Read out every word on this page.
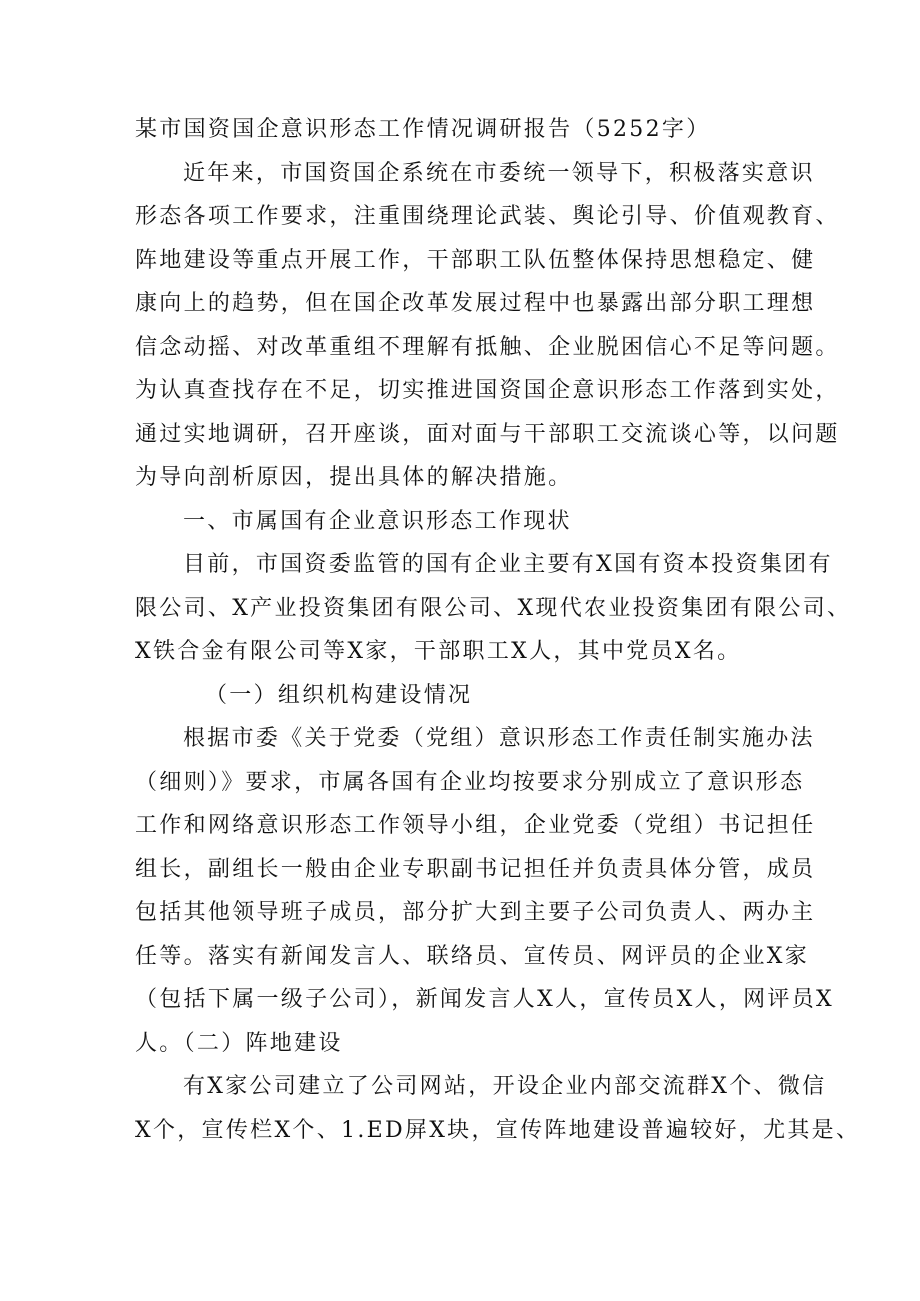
某市国资国企意识形态工作情况调研报告（5252字）
近年来，市国资国企系统在市委统一领导下，积极落实意识
形态各项工作要求，注重围绕理论武装、舆论引导、价值观教育、
阵地建设等重点开展工作，干部职工队伍整体保持思想稳定、健
康向上的趋势，但在国企改革发展过程中也暴露出部分职工理想
信念动摇、对改革重组不理解有抵触、企业脱困信心不足等问题。
为认真查找存在不足，切实推进国资国企意识形态工作落到实处，
通过实地调研，召开座谈，面对面与干部职工交流谈心等，以问题
为导向剖析原因，提出具体的解决措施。
一、市属国有企业意识形态工作现状
目前，市国资委监管的国有企业主要有X国有资本投资集团有
限公司、X产业投资集团有限公司、X现代农业投资集团有限公司、
X铁合金有限公司等X家，干部职工X人，其中党员X名。
（一）组织机构建设情况
根据市委《关于党委（党组）意识形态工作责任制实施办法
（细则）》要求，市属各国有企业均按要求分别成立了意识形态
工作和网络意识形态工作领导小组，企业党委（党组）书记担任
组长，副组长一般由企业专职副书记担任并负责具体分管，成员
包括其他领导班子成员，部分扩大到主要子公司负责人、两办主
任等。落实有新闻发言人、联络员、宣传员、网评员的企业X家
（包括下属一级子公司），新闻发言人X人，宣传员X人，网评员X
人。（二）阵地建设
有X家公司建立了公司网站，开设企业内部交流群X个、微信
X个，宣传栏X个、1.ED屏X块，宣传阵地建设普遍较好，尤其是、
